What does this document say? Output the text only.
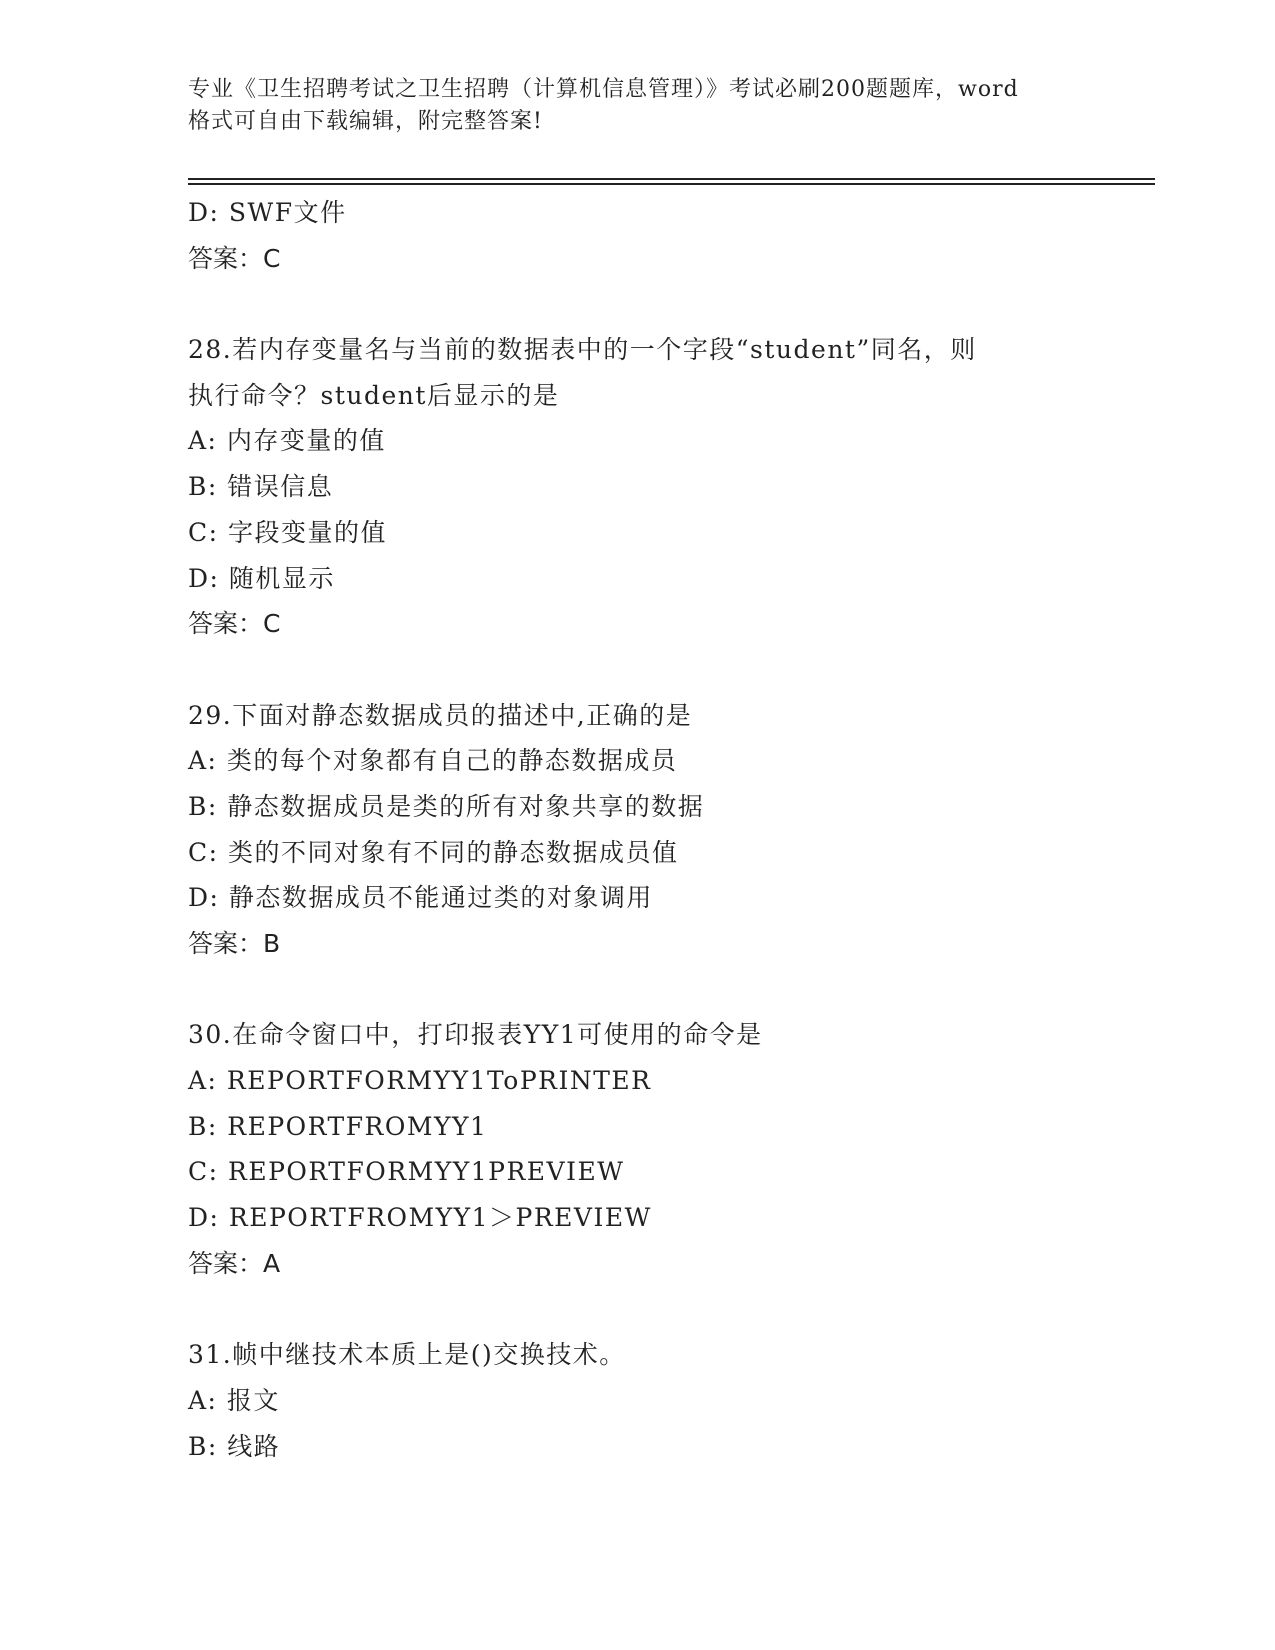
专业《卫生招聘考试之卫生招聘（计算机信息管理）》考试必刷200题题库，word
格式可自由下载编辑，附完整答案!
D: SWF文件
答案：C
28.若内存变量名与当前的数据表中的一个字段“student”同名，则
执行命令？student后显示的是
A: 内存变量的值
B: 错误信息
C: 字段变量的值
D: 随机显示
答案：C
29.下面对静态数据成员的描述中,正确的是
A: 类的每个对象都有自己的静态数据成员
B: 静态数据成员是类的所有对象共享的数据
C: 类的不同对象有不同的静态数据成员值
D: 静态数据成员不能通过类的对象调用
答案：B
30.在命令窗口中，打印报表YY1可使用的命令是
A: REPORTFORMYY1ToPRINTER
B: REPORTFROMYY1
C: REPORTFORMYY1PREVIEW
D: REPORTFROMYY1＞PREVIEW
答案：A
31.帧中继技术本质上是()交换技术。
A: 报文
B: 线路
